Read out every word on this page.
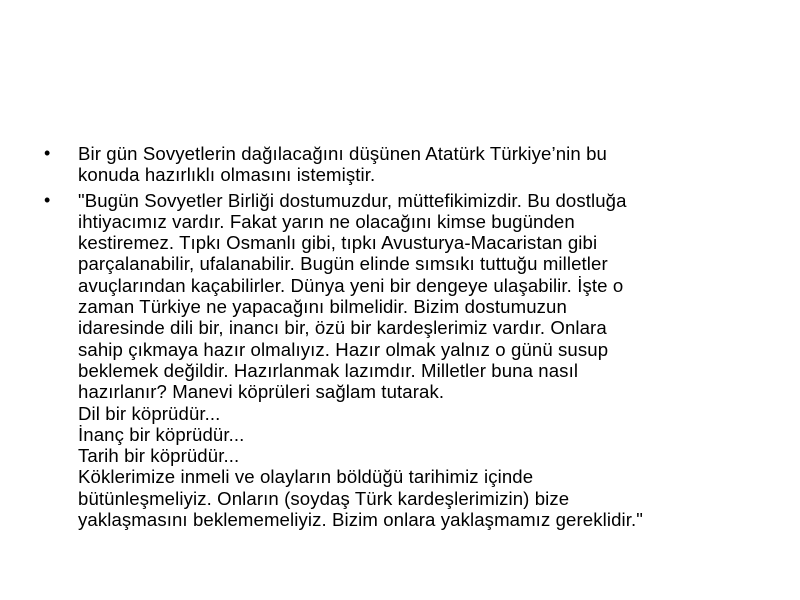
•	Bir gün Sovyetlerin dağılacağını düşünen Atatürk Türkiye’nin bu
konuda hazırlıklı olmasını istemiştir.
•	"Bugün Sovyetler Birliği dostumuzdur, müttefikimizdir. Bu dostluğa
ihtiyacımız vardır. Fakat yarın ne olacağını kimse bugünden
kestiremez. Tıpkı Osmanlı gibi, tıpkı Avusturya-Macaristan gibi
parçalanabilir, ufalanabilir. Bugün elinde sımsıkı tuttuğu milletler
avuçlarından kaçabilirler. Dünya yeni bir dengeye ulaşabilir. İşte o
zaman Türkiye ne yapacağını bilmelidir. Bizim dostumuzun
idaresinde dili bir, inancı bir, özü bir kardeşlerimiz vardır. Onlara
sahip çıkmaya hazır olmalıyız. Hazır olmak yalnız o günü susup
beklemek değildir. Hazırlanmak lazımdır. Milletler buna nasıl
hazırlanır? Manevi köprüleri sağlam tutarak.
Dil bir köprüdür...
İnanç bir köprüdür...
Tarih bir köprüdür...
Köklerimize inmeli ve olayların böldüğü tarihimiz içinde
bütünleşmeliyiz. Onların (soydaş Türk kardeşlerimizin) bize
yaklaşmasını beklememeliyiz. Bizim onlara yaklaşmamız gereklidir."
